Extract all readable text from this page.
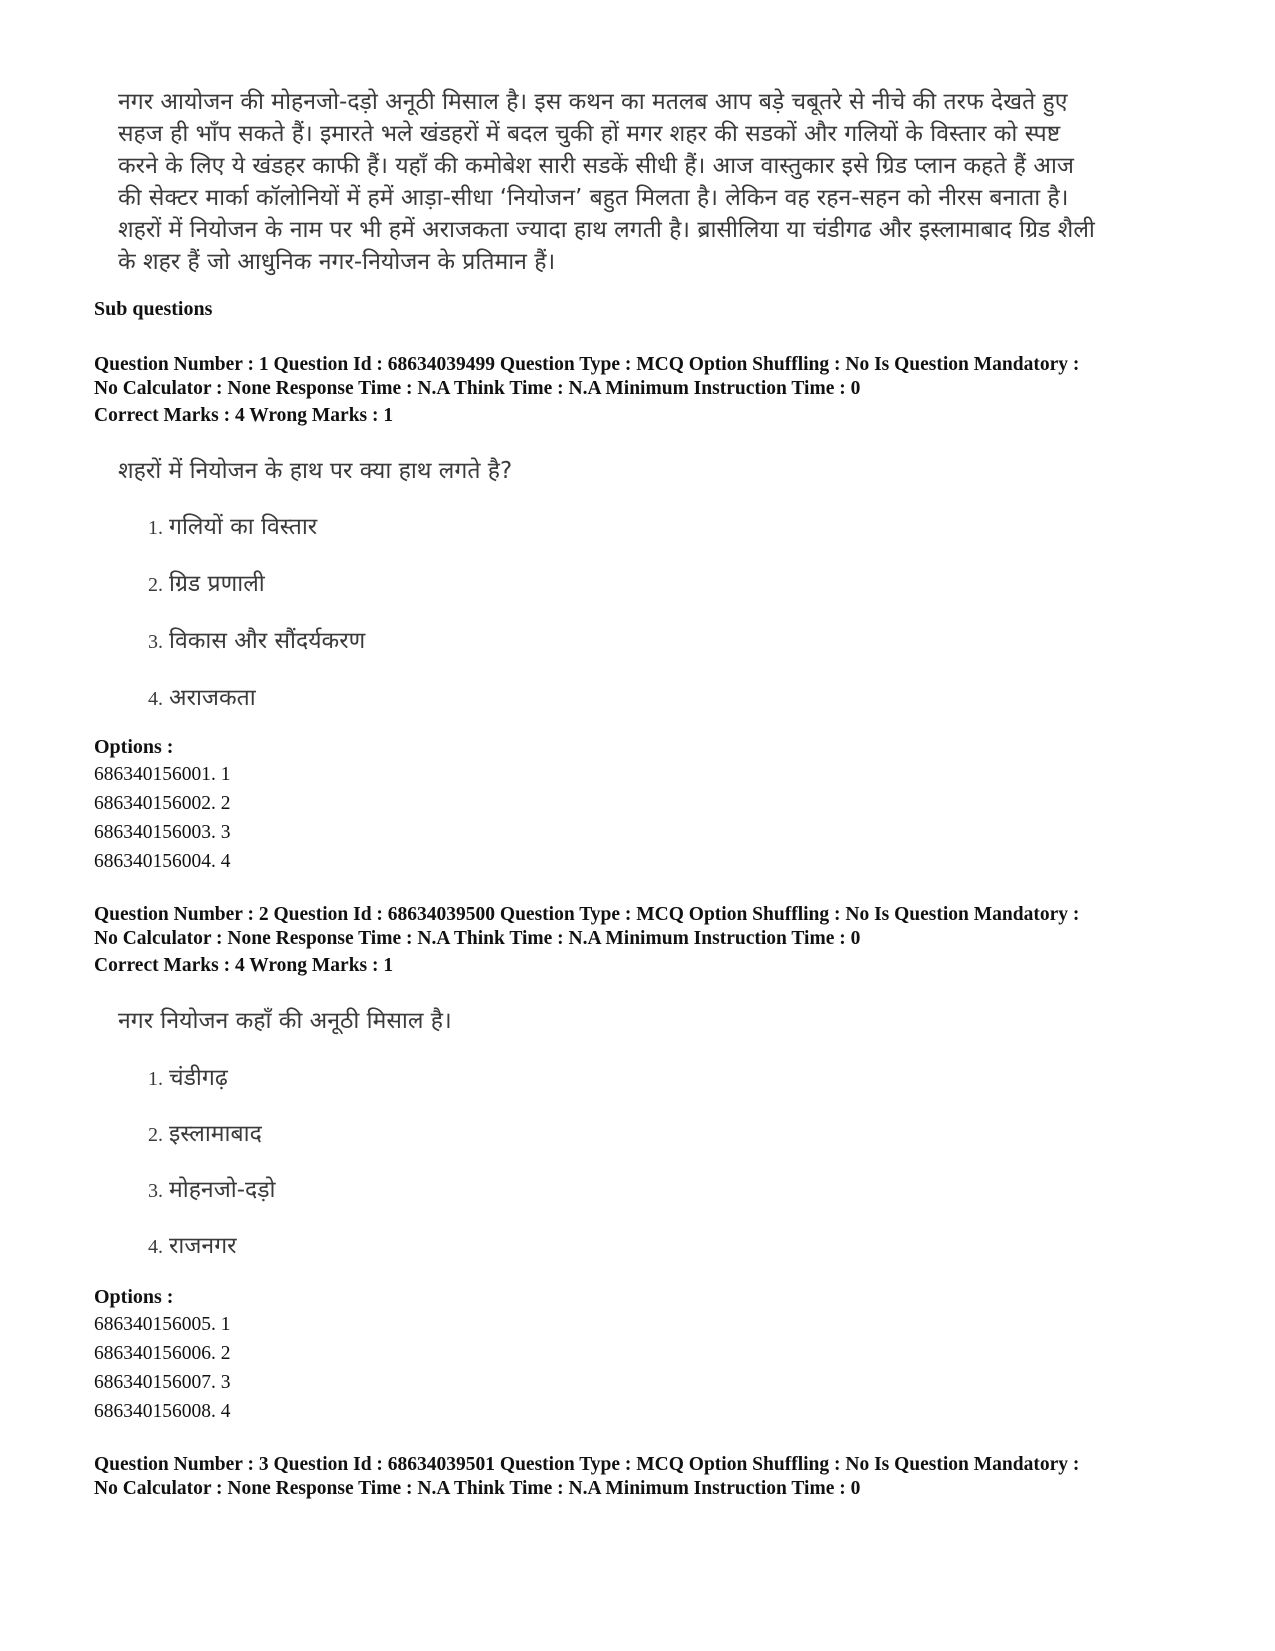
नगर आयोजन की मोहनजो-दड़ो अनूठी मिसाल है। इस कथन का मतलब आप बड़े चबूतरे से नीचे की तरफ देखते हुए
सहज ही भाँप सकते हैं। इमारते भले खंडहरों में बदल चुकी हों मगर शहर की सडकों और गलियों के विस्तार को स्पष्ट
करने के लिए ये खंडहर काफी हैं। यहाँ की कमोबेश सारी सडकें सीधी हैं। आज वास्तुकार इसे ग्रिड प्लान कहते हैं आज
की सेक्टर मार्का कॉलोनियों में हमें आड़ा-सीधा ‘नियोजन’ बहुत मिलता है। लेकिन वह रहन-सहन को नीरस बनाता है।
शहरों में नियोजन के नाम पर भी हमें अराजकता ज्यादा हाथ लगती है। ब्रासीलिया या चंडीगढ और इस्लामाबाद ग्रिड शैली
के शहर हैं जो आधुनिक नगर-नियोजन के प्रतिमान हैं।
Sub questions
Question Number : 1 Question Id : 68634039499 Question Type : MCQ Option Shuffling : No Is Question Mandatory :
No Calculator : None Response Time : N.A Think Time : N.A Minimum Instruction Time : 0
Correct Marks : 4 Wrong Marks : 1
शहरों में नियोजन के हाथ पर क्या हाथ लगते है?
1. गलियों का विस्तार
2. ग्रिड प्रणाली
3. विकास और सौंदर्यकरण
4. अराजकता
Options :
686340156001. 1
686340156002. 2
686340156003. 3
686340156004. 4
Question Number : 2 Question Id : 68634039500 Question Type : MCQ Option Shuffling : No Is Question Mandatory :
No Calculator : None Response Time : N.A Think Time : N.A Minimum Instruction Time : 0
Correct Marks : 4 Wrong Marks : 1
नगर नियोजन कहाँ की अनूठी मिसाल है।
1. चंडीगढ़
2. इस्लामाबाद
3. मोहनजो-दड़ो
4. राजनगर
Options :
686340156005. 1
686340156006. 2
686340156007. 3
686340156008. 4
Question Number : 3 Question Id : 68634039501 Question Type : MCQ Option Shuffling : No Is Question Mandatory :
No Calculator : None Response Time : N.A Think Time : N.A Minimum Instruction Time : 0
